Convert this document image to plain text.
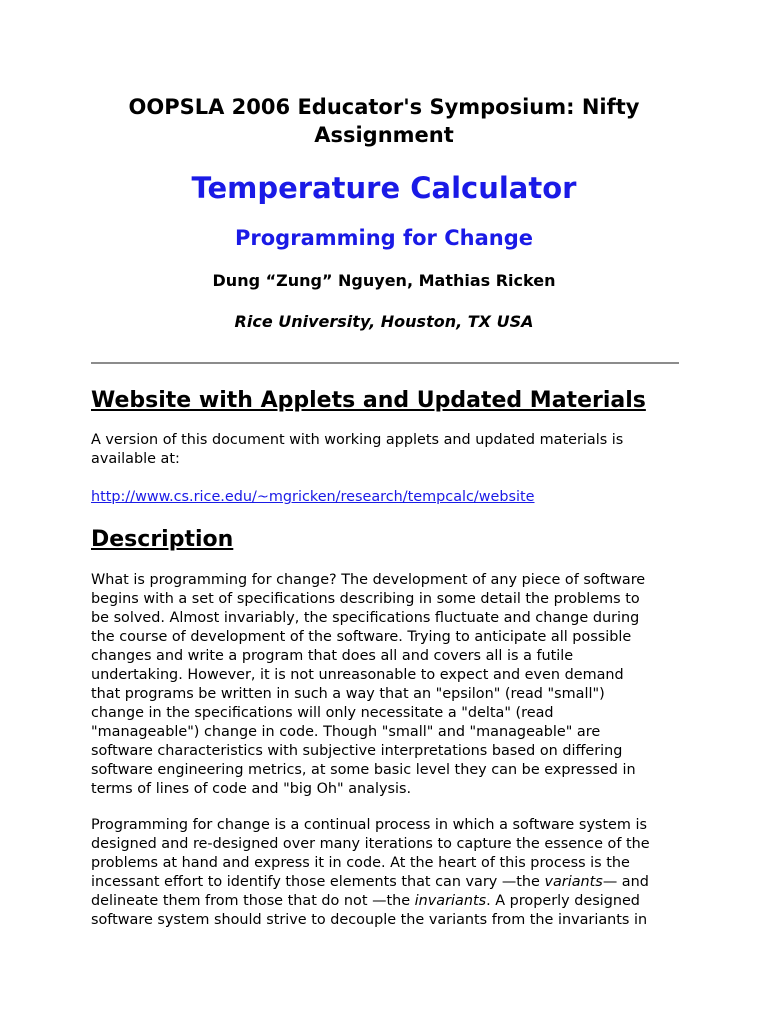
OOPSLA 2006 Educator's Symposium: Nifty Assignment
Temperature Calculator
Programming for Change
Dung “Zung” Nguyen, Mathias Ricken
Rice University, Houston, TX USA
Website with Applets and Updated Materials

A version of this document with working applets and updated materials is
available at:

http://www.cs.rice.edu/~mgricken/research/tempcalc/website
Description

What is programming for change? The development of any piece of software
begins with a set of specifications describing in some detail the problems to
be solved. Almost invariably, the specifications fluctuate and change during
the course of development of the software. Trying to anticipate all possible
changes and write a program that does all and covers all is a futile
undertaking. However, it is not unreasonable to expect and even demand
that programs be written in such a way that an "epsilon" (read "small")
change in the specifications will only necessitate a "delta" (read
"manageable") change in code. Though "small" and "manageable" are
software characteristics with subjective interpretations based on differing
software engineering metrics, at some basic level they can be expressed in
terms of lines of code and "big Oh" analysis.

Programming for change is a continual process in which a software system is
designed and re-designed over many iterations to capture the essence of the
problems at hand and express it in code. At the heart of this process is the
incessant effort to identify those elements that can vary —the variants— and
delineate them from those that do not —the invariants. A properly designed
software system should strive to decouple the variants from the invariants in
